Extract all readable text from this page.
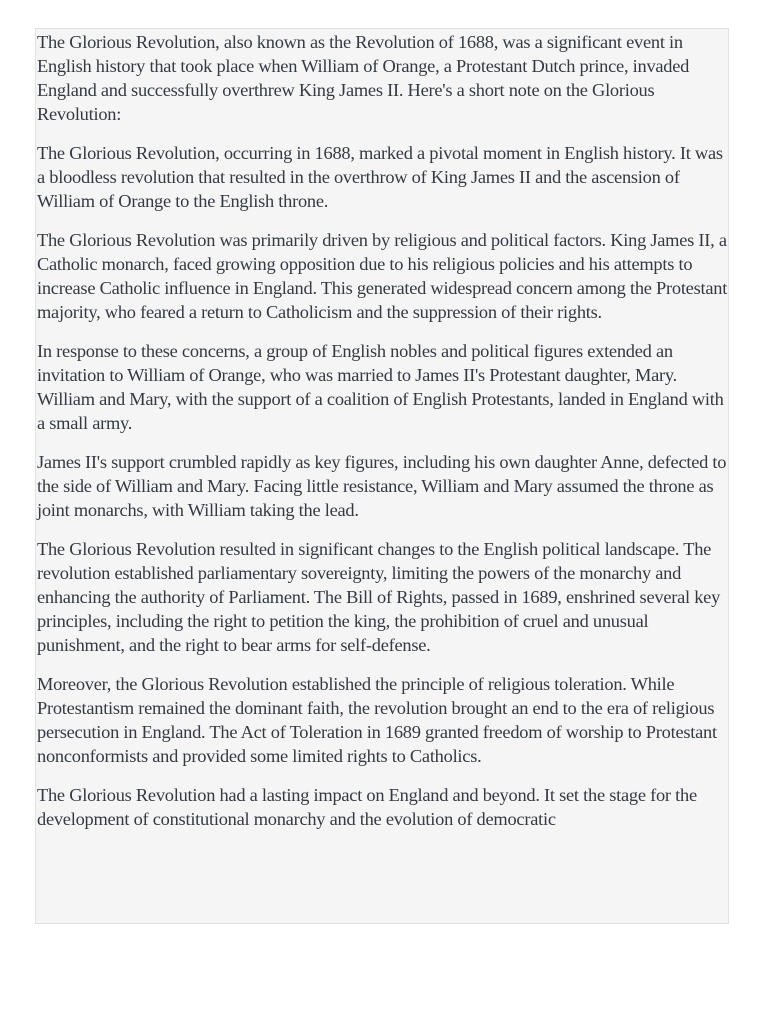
The Glorious Revolution, also known as the Revolution of 1688, was a significant event in English history that took place when William of Orange, a Protestant Dutch prince, invaded England and successfully overthrew King James II. Here's a short note on the Glorious Revolution:

The Glorious Revolution, occurring in 1688, marked a pivotal moment in English history. It was a bloodless revolution that resulted in the overthrow of King James II and the ascension of William of Orange to the English throne.

The Glorious Revolution was primarily driven by religious and political factors. King James II, a Catholic monarch, faced growing opposition due to his religious policies and his attempts to increase Catholic influence in England. This generated widespread concern among the Protestant majority, who feared a return to Catholicism and the suppression of their rights.

In response to these concerns, a group of English nobles and political figures extended an invitation to William of Orange, who was married to James II's Protestant daughter, Mary. William and Mary, with the support of a coalition of English Protestants, landed in England with a small army.

James II's support crumbled rapidly as key figures, including his own daughter Anne, defected to the side of William and Mary. Facing little resistance, William and Mary assumed the throne as joint monarchs, with William taking the lead.

The Glorious Revolution resulted in significant changes to the English political landscape. The revolution established parliamentary sovereignty, limiting the powers of the monarchy and enhancing the authority of Parliament. The Bill of Rights, passed in 1689, enshrined several key principles, including the right to petition the king, the prohibition of cruel and unusual punishment, and the right to bear arms for self-defense.

Moreover, the Glorious Revolution established the principle of religious toleration. While Protestantism remained the dominant faith, the revolution brought an end to the era of religious persecution in England. The Act of Toleration in 1689 granted freedom of worship to Protestant nonconformists and provided some limited rights to Catholics.

The Glorious Revolution had a lasting impact on England and beyond. It set the stage for the development of constitutional monarchy and the evolution of democratic
